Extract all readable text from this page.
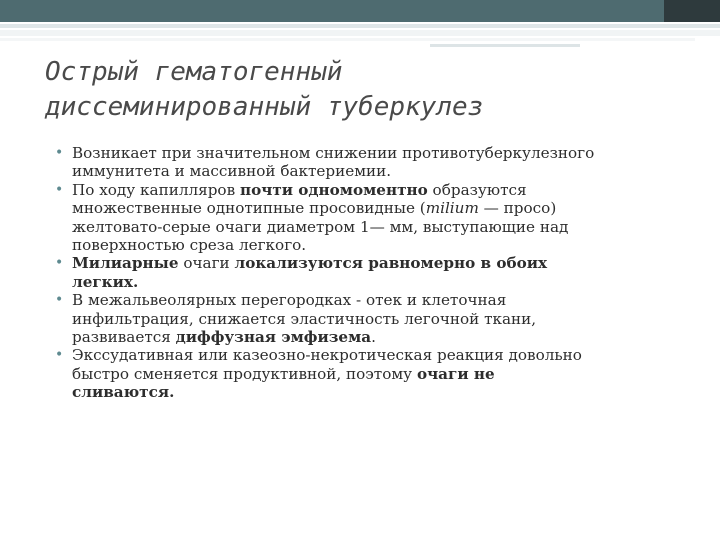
Острый гематогенный
диссеминированный туберкулез
• Возникает при значительном снижении противотуберкулезного
иммунитета и массивной бактериемии.
• По ходу капилляров почти одномоментно образуются
множественные однотипные просовидные (milium — просо)
желтовато-серые очаги диаметром 1— мм, выступающие над
поверхностью среза легкого.
• Милиарные очаги локализуются равномерно в обоих
легких.
• В межальвеолярных перегородках - отек и клеточная
инфильтрация, снижается эластичность легочной ткани,
развивается диффузная эмфизема.
• Экссудативная или казеозно-некротическая реакция довольно
быстро сменяется продуктивной, поэтому очаги не
сливаются.
